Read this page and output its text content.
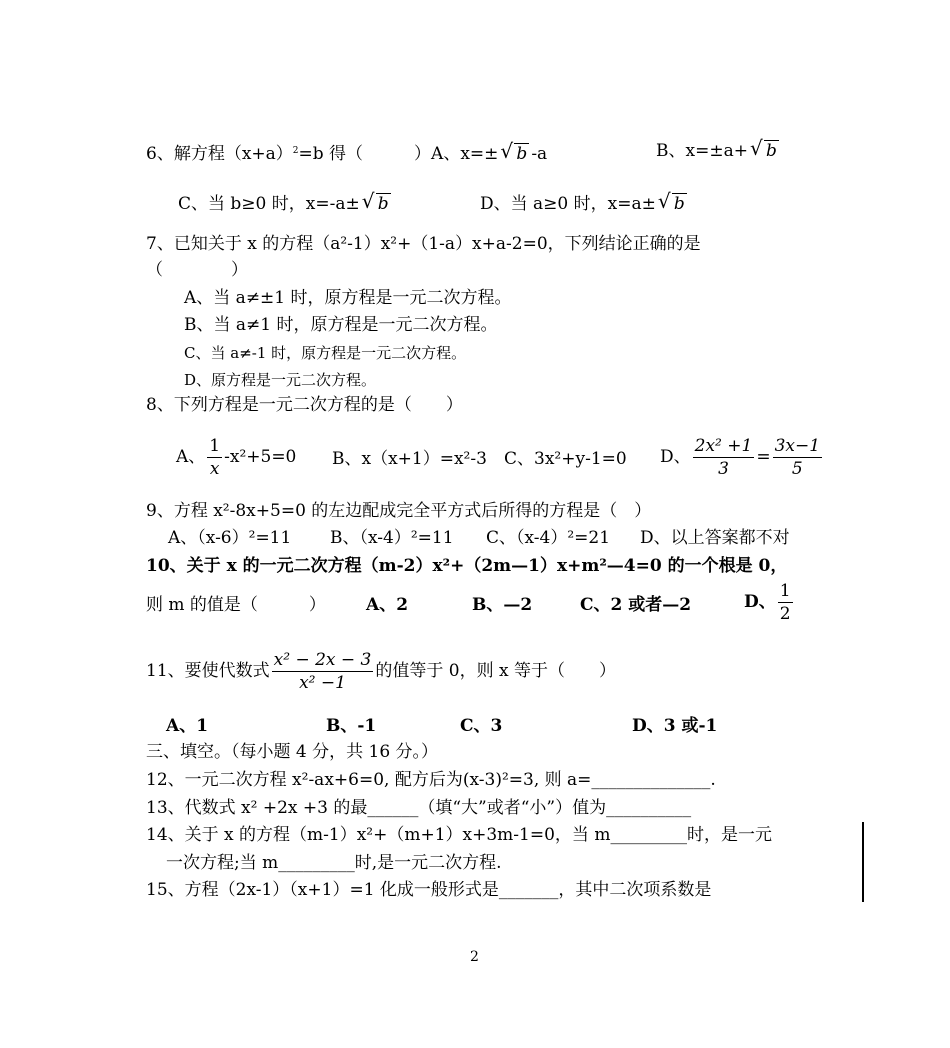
6、解方程$(x+a)^2=b$ 得（　　　）A、x=± √ b -a	B、x=±a+ √ b
C、当 b≥0 时，x=-a± √ b	D、当 a≥0 时，x=a± √ b
7、已知关于 x 的方程（a²-1）x²+（1-a）x+a-2=0，下列结论正确的是
（　　　　）
A、当 a≠±1 时，原方程是一元二次方程。
B、当 a≠1 时，原方程是一元二次方程。
C、当 a≠-1 时，原方程是一元二次方程。
D、原方程是一元二次方程。
8、下列方程是一元二次方程的是（　　）
A、 $\frac{1}{x} -x^2+5=0$ B、x（x+1）=x²-3 C、3x²+y-1=0 D、 $\frac{\text{2x² +1}}{3} = \frac{3x-1}{5}$
9、方程 x²-8x+5=0 的左边配成完全平方式后所得的方程是（　）
A、（x-6）²=11 B、（x-4）²=11 C、（x-4）²=21 D、以上答案都不对
10、关于 x 的一元二次方程（m-2）x²+（2m—1）x+m²—4=0 的一个根是 0，
则 m 的值是（　　　） A、2	B、—2	C、2 或者—2	D、 $\frac{1}{2}$
11、要使代数式 $\frac{\text{x² − 2x − 3}}{\text{x² −1}}$ 的值等于 0，则 x 等于（　　）
A、1	B、-1	C、3	D、3 或-1
三、填空。（每小题 4 分，共 16 分。）
12、一元二次方程 x²-ax+6=0, 配方后为(x-3)²=3, 则 a=______________.
13、代数式 x² +2x +3 的最______（填“大”或者“小”）值为__________
14、关于 x 的方程（m-1）x²+（m+1）x+3m-1=0，当 m_________时，是一元
一次方程;当 m_________时,是一元二次方程.
15、方程（2x-1）（x+1）=1 化成一般形式是_______，其中二次项系数是
2
